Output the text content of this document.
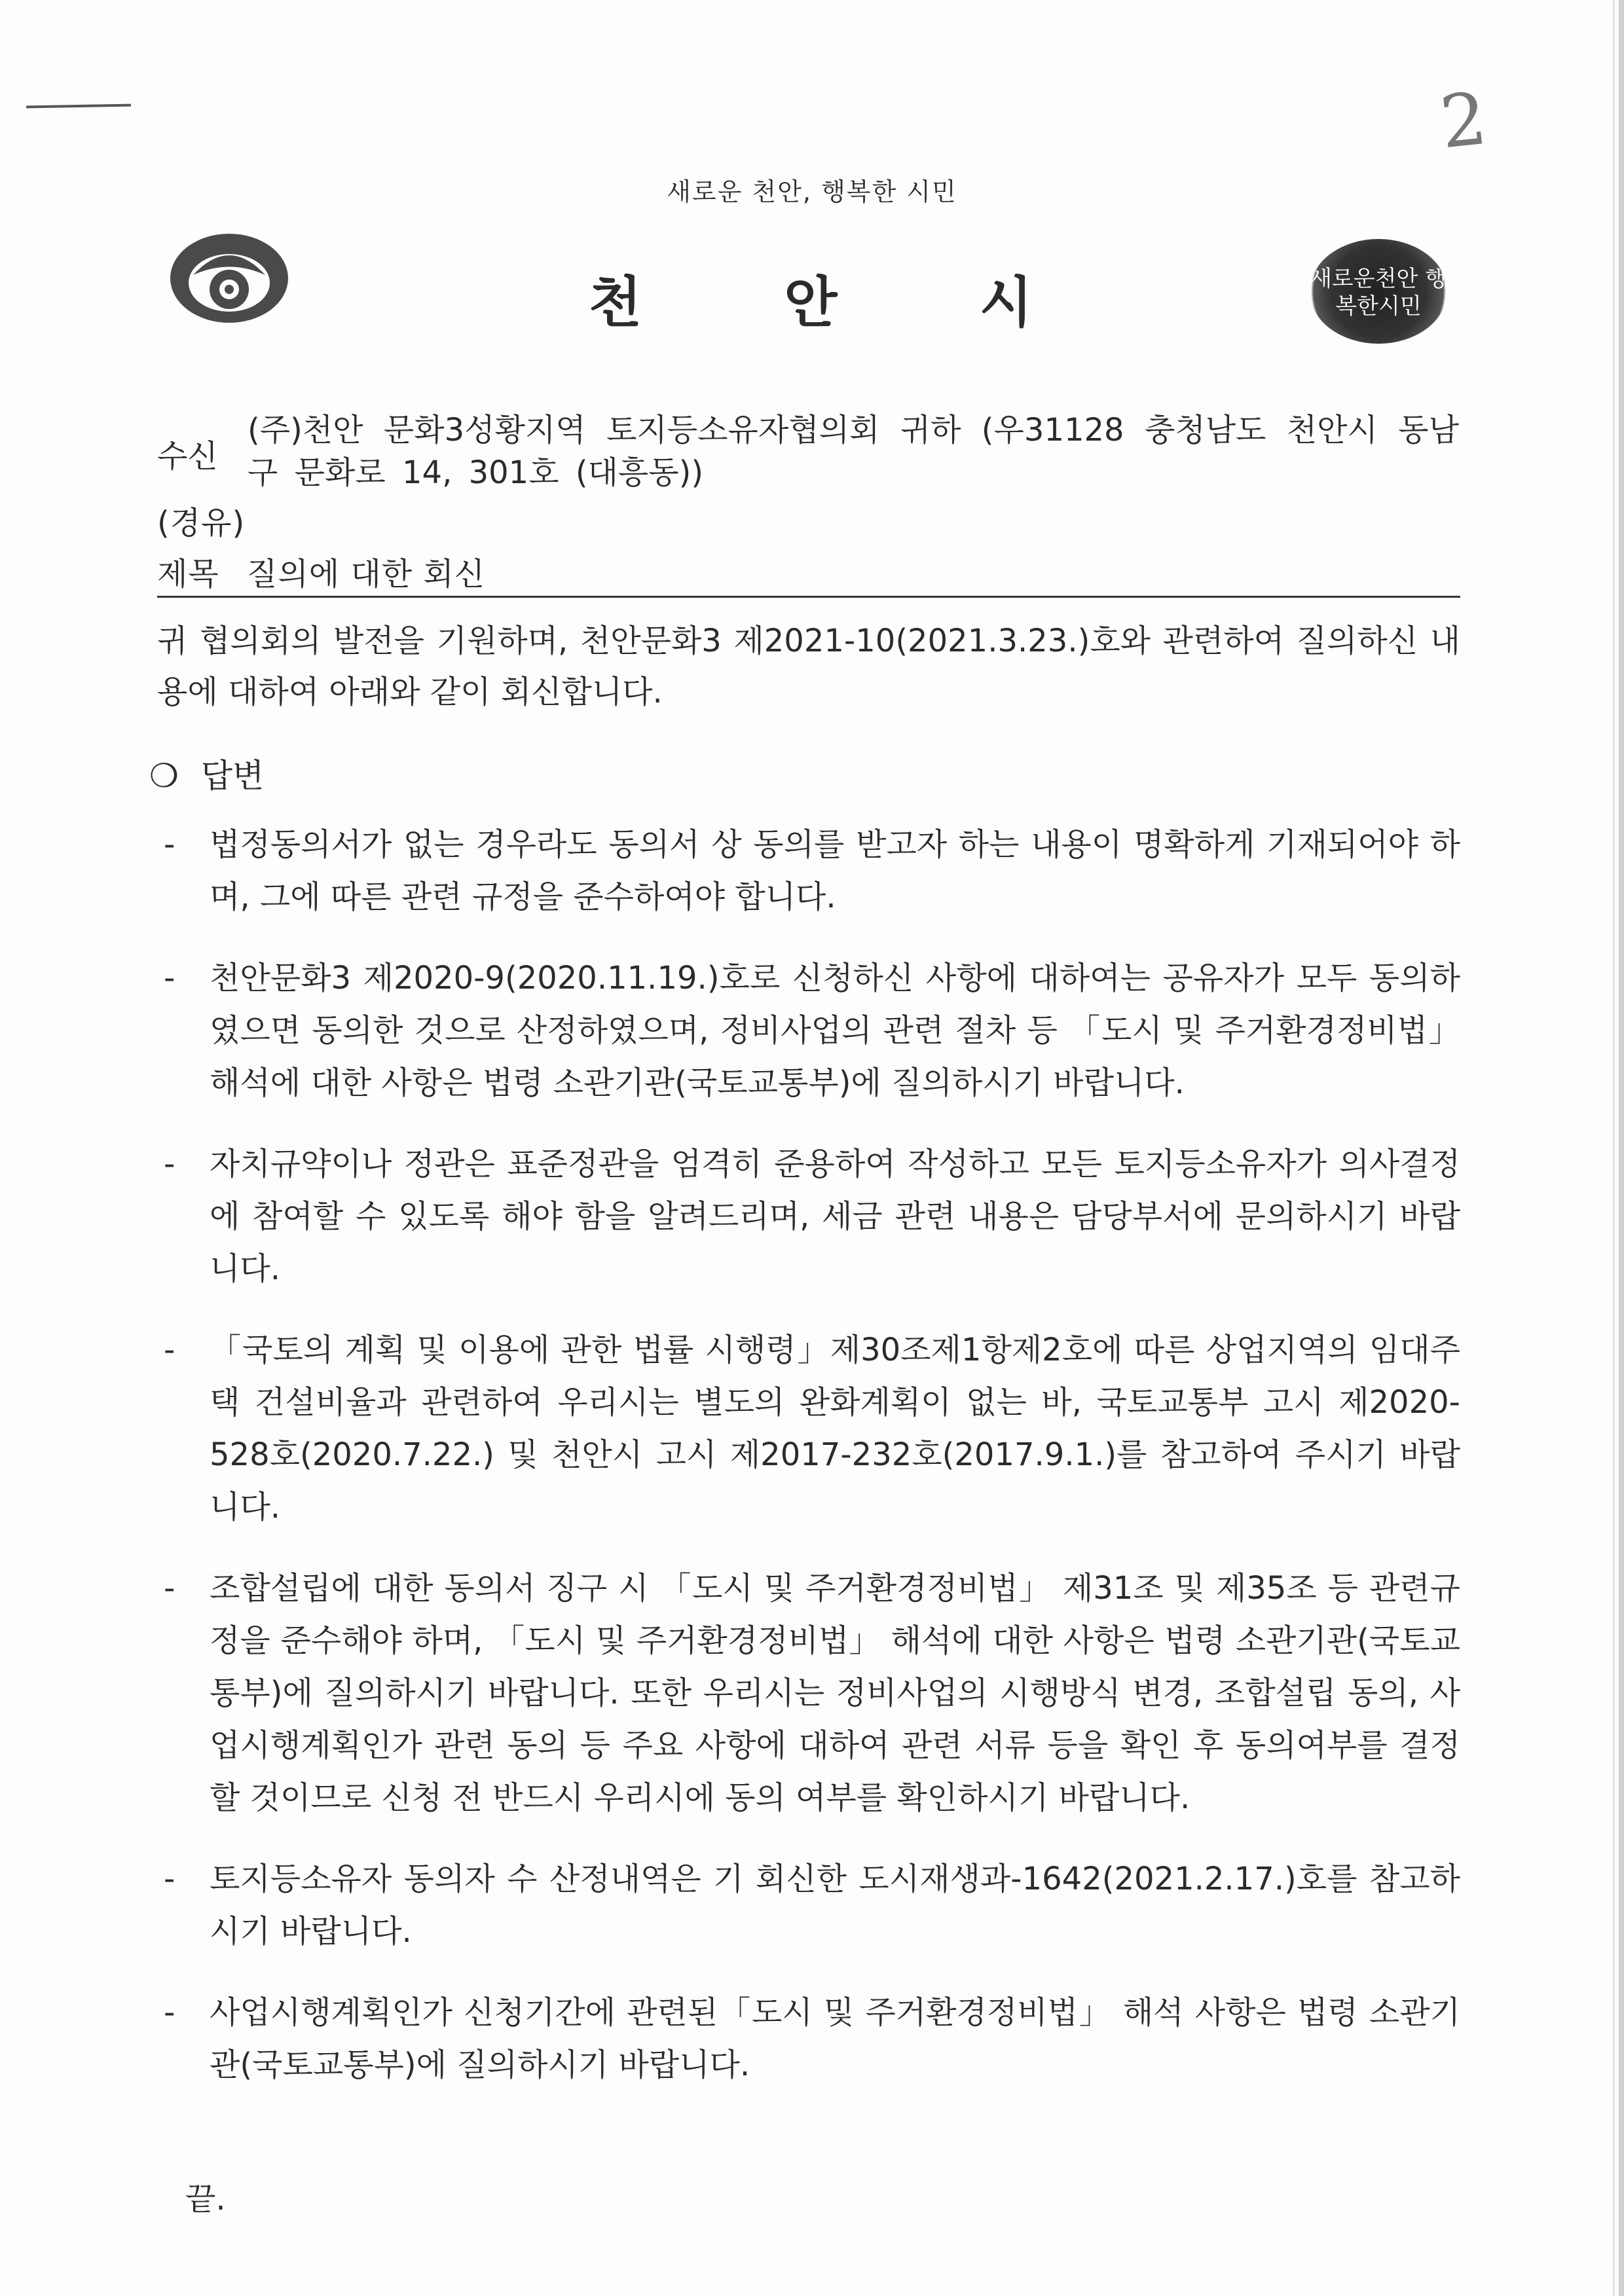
2
새로운 천안, 행복한 시민
천 안 시	새로운천안 행복한시민
수신
(주)천안 문화3성황지역 토지등소유자협의회 귀하 (우31128 충청남도 천안시 동남구 문화로 14, 301호 (대흥동))
(경유)
제목 질의에 대한 회신
귀 협의회의 발전을 기원하며, 천안문화3 제2021-10(2021.3.23.)호와 관련하여 질의하신 내용에 대하여 아래와 같이 회신합니다.
❍ 답변
- 법정동의서가 없는 경우라도 동의서 상 동의를 받고자 하는 내용이 명확하게 기재되어야 하며, 그에 따른 관련 규정을 준수하여야 합니다.
- 천안문화3 제2020-9(2020.11.19.)호로 신청하신 사항에 대하여는 공유자가 모두 동의하였으면 동의한 것으로 산정하였으며, 정비사업의 관련 절차 등 「도시 및 주거환경정비법」 해석에 대한 사항은 법령 소관기관(국토교통부)에 질의하시기 바랍니다.
- 자치규약이나 정관은 표준정관을 엄격히 준용하여 작성하고 모든 토지등소유자가 의사결정에 참여할 수 있도록 해야 함을 알려드리며, 세금 관련 내용은 담당부서에 문의하시기 바랍니다.
- 「국토의 계획 및 이용에 관한 법률 시행령」제30조제1항제2호에 따른 상업지역의 임대주택 건설비율과 관련하여 우리시는 별도의 완화계획이 없는 바, 국토교통부 고시 제2020-528호(2020.7.22.) 및 천안시 고시 제2017-232호(2017.9.1.)를 참고하여 주시기 바랍니다.
- 조합설립에 대한 동의서 징구 시 「도시 및 주거환경정비법」 제31조 및 제35조 등 관련규정을 준수해야 하며, 「도시 및 주거환경정비법」 해석에 대한 사항은 법령 소관기관(국토교통부)에 질의하시기 바랍니다. 또한 우리시는 정비사업의 시행방식 변경, 조합설립 동의, 사업시행계획인가 관련 동의 등 주요 사항에 대하여 관련 서류 등을 확인 후 동의여부를 결정할 것이므로 신청 전 반드시 우리시에 동의 여부를 확인하시기 바랍니다.
- 토지등소유자 동의자 수 산정내역은 기 회신한 도시재생과-1642(2021.2.17.)호를 참고하시기 바랍니다.
- 사업시행계획인가 신청기간에 관련된「도시 및 주거환경정비법」 해석 사항은 법령 소관기관(국토교통부)에 질의하시기 바랍니다.
끝.
